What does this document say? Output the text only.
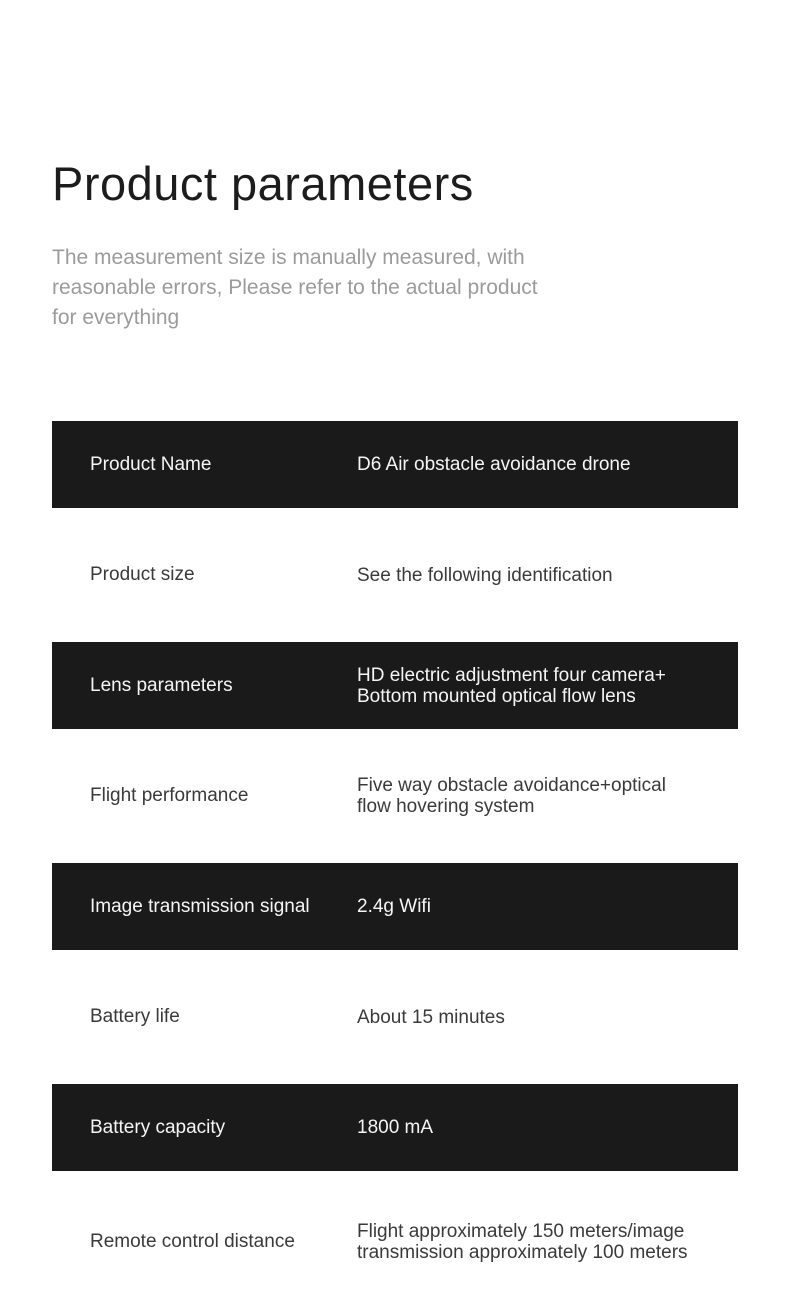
Product parameters
The measurement size is manually measured, with
reasonable errors, Please refer to the actual product
for everything
Product Name	D6 Air obstacle avoidance drone
Product size	See the following identification
Lens parameters	HD electric adjustment four camera+
Bottom mounted optical flow lens
Flight performance	Five way obstacle avoidance+optical
flow hovering system
Image transmission signal	2.4g Wifi
Battery life	About 15 minutes
Battery capacity	1800 mA
Remote control distance	Flight approximately 150 meters/image
transmission approximately 100 meters
